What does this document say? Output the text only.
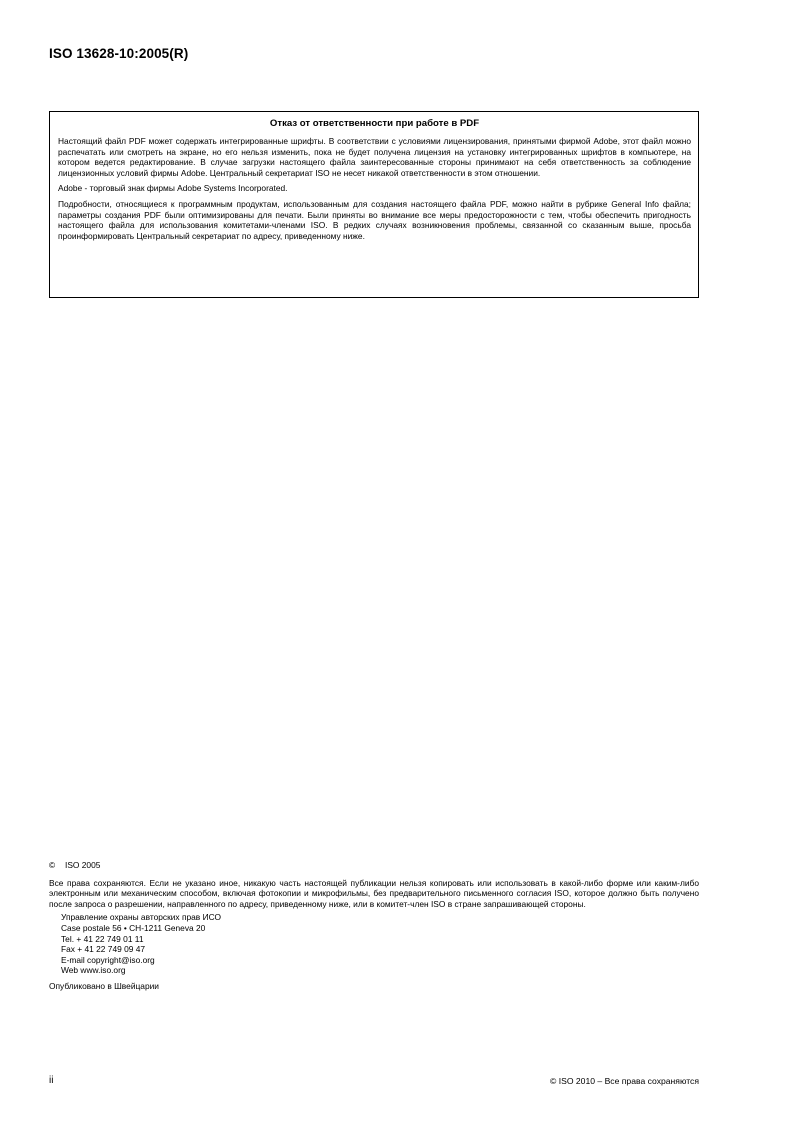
ISO 13628-10:2005(R)
Отказ от ответственности при работе в PDF

Настоящий файл PDF может содержать интегрированные шрифты. В соответствии с условиями лицензирования, принятыми фирмой Adobe, этот файл можно распечатать или смотреть на экране, но его нельзя изменить, пока не будет получена лицензия на установку интегрированных шрифтов в компьютере, на котором ведется редактирование. В случае загрузки настоящего файла заинтересованные стороны принимают на себя ответственность за соблюдение лицензионных условий фирмы Adobe. Центральный секретариат ISO не несет никакой ответственности в этом отношении.

Adobe - торговый знак фирмы Adobe Systems Incorporated.

Подробности, относящиеся к программным продуктам, использованным для создания настоящего файла PDF, можно найти в рубрике General Info файла; параметры создания PDF были оптимизированы для печати. Были приняты во внимание все меры предосторожности с тем, чтобы обеспечить пригодность настоящего файла для использования комитетами-членами ISO. В редких случаях возникновения проблемы, связанной со сказанным выше, просьба проинформировать Центральный секретариат по адресу, приведенному ниже.

©	ISO 2005

Все права сохраняются. Если не указано иное, никакую часть настоящей публикации нельзя копировать или использовать в какой-либо форме или каким-либо электронным или механическим способом, включая фотокопии и микрофильмы, без предварительного письменного согласия ISO, которое должно быть получено после запроса о разрешении, направленного по адресу, приведенному ниже, или в комитет-член ISO в стране запрашивающей стороны.

Управление охраны авторских прав ИСО
Case postale 56 • CH-1211 Geneva 20
Tel. + 41 22 749 01 11
Fax + 41 22 749 09 47
E-mail copyright@iso.org
Web www.iso.org

Опубликовано в Швейцарии

ii	© ISO 2010 – Все права сохраняются
